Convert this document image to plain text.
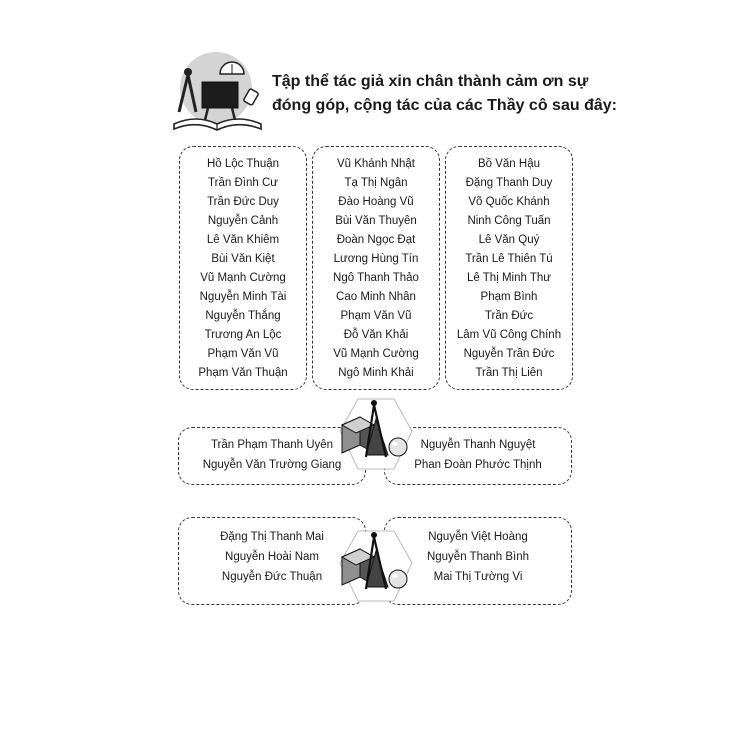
Tập thể tác giả xin chân thành cảm ơn sự
đóng góp, cộng tác của các Thầy cô sau đây:
Hồ Lộc Thuận
Trần Đình Cư
Trần Đức Duy
Nguyễn Cảnh
Lê Văn Khiêm
Bùi Văn Kiệt
Vũ Mạnh Cường
Nguyễn Minh Tài
Nguyễn Thắng
Trương An Lộc
Phạm Văn Vũ
Phạm Văn Thuận
Vũ Khánh Nhật
Tạ Thị Ngân
Đào Hoàng Vũ
Bùi Văn Thuyên
Đoàn Ngọc Đạt
Lương Hùng Tín
Ngô Thanh Thảo
Cao Minh Nhân
Phạm Văn Vũ
Đỗ Văn Khải
Vũ Mạnh Cường
Ngô Minh Khải
Bồ Văn Hậu
Đặng Thanh Duy
Võ Quốc Khánh
Ninh Công Tuấn
Lê Văn Quý
Trần Lê Thiên Tú
Lê Thị Minh Thư
Phạm Bình
Trần Đức
Lâm Vũ Công Chính
Nguyễn Trần Đức
Trần Thị Liên
Trần Phạm Thanh Uyên
Nguyễn Văn Trường Giang
Nguyễn Thanh Nguyệt
Phan Đoàn Phước Thịnh
Đặng Thị Thanh Mai
Nguyễn Hoài Nam
Nguyễn Đức Thuận
Nguyễn Việt Hoàng
Nguyễn Thanh Bình
Mai Thị Tường Vi
